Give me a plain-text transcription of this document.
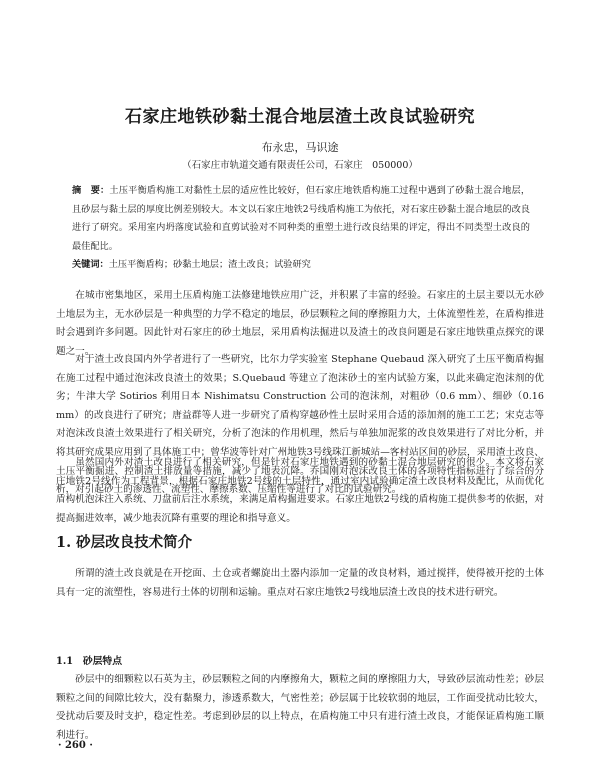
石家庄地铁砂黏土混合地层渣土改良试验研究
布永忠，马识途
（石家庄市轨道交通有限责任公司，石家庄　050000）
摘　要：土压平衡盾构施工对黏性土层的适应性比较好，但石家庄地铁盾构施工过程中遇到了砂黏土混合地层，且砂层与黏土层的厚度比例差别较大。本文以石家庄地铁2号线盾构施工为依托，对石家庄砂黏土混合地层的改良进行了研究。采用室内坍落度试验和直剪试验对不同种类的重塑土进行改良结果的评定，得出不同类型土改良的最佳配比。
关键词：土压平衡盾构；砂黏土地层；渣土改良；试验研究

在城市密集地区，采用土压盾构施工法修建地铁应用广泛，并积累了丰富的经验。石家庄的土层主要以无水砂土地层为主，无水砂层是一种典型的力学不稳定的地层，砂层颗粒之间的摩擦阻力大，土体流塑性差，在盾构推进时会遇到许多问题。因此针对石家庄的砂土地层，采用盾构法掘进以及渣土的改良问题是石家庄地铁重点探究的课题之一。

对于渣土改良国内外学者进行了一些研究，比尔力学实验室 Stephane Quebaud 深入研究了土压平衡盾构掘在施工过程中通过泡沫改良渣土的效果；S.Quebaud 等建立了泡沫砂土的室内试验方案，以此来确定泡沫剂的优劣；牛津大学 Sotirios 利用日本 Nishimatsu Construction 公司的泡沫剂，对粗砂（0.6 mm）、细砂（0.16 mm）的改良进行了研究；唐益群等人进一步研究了盾构穿越砂性土层时采用合适的添加剂的施工工艺；宋克志等对泡沫改良渣土效果进行了相关研究，分析了泡沫的作用机理，然后与单独加泥浆的改良效果进行了对比分析，并将其研究成果应用到了具体施工中；曾华波等针对广州地铁3号线珠江新城站—客村站区间的砂层，采用渣土改良、土压平衡掘进、控制渣土排放量等措施，减少了地表沉降。乔国刚对泡沫改良土体的各项特性指标进行了综合的分析，对引起砂土的渗透性、流塑性、摩擦系数、压缩性等进行了对比的试验研究。

虽然国内外对渣土改良进行了相关研究，但是针对石家庄地铁遇到的砂黏土混合地层研究的很少。本文将石家庄地铁2号线作为工程背景，根据石家庄地铁2号线的土层特性，通过室内试验确定渣土改良材料及配比，从而优化盾构机泡沫注入系统、刀盘前后注水系统，来满足盾构掘进要求。石家庄地铁2号线的盾构施工提供参考的依据，对提高掘进效率，减少地表沉降有重要的理论和指导意义。

1. 砂层改良技术简介

所谓的渣土改良就是在开挖面、土仓或者螺旋出土器内添加一定量的改良材料，通过搅拌，使得被开挖的土体具有一定的流塑性，容易进行土体的切削和运输。重点对石家庄地铁2号线地层渣土改良的技术进行研究。

1.1　砂层特点

砂层中的细颗粒以石英为主，砂层颗粒之间的内摩擦角大，颗粒之间的摩擦阻力大，导致砂层流动性差；砂层颗粒之间的间隙比较大，没有黏聚力，渗透系数大，气密性差；砂层属于比较软弱的地层，工作面受扰动比较大，受扰动后要及时支护，稳定性差。考虑到砂层的以上特点，在盾构施工中只有进行渣土改良，才能保证盾构施工顺利进行。

· 260 ·
